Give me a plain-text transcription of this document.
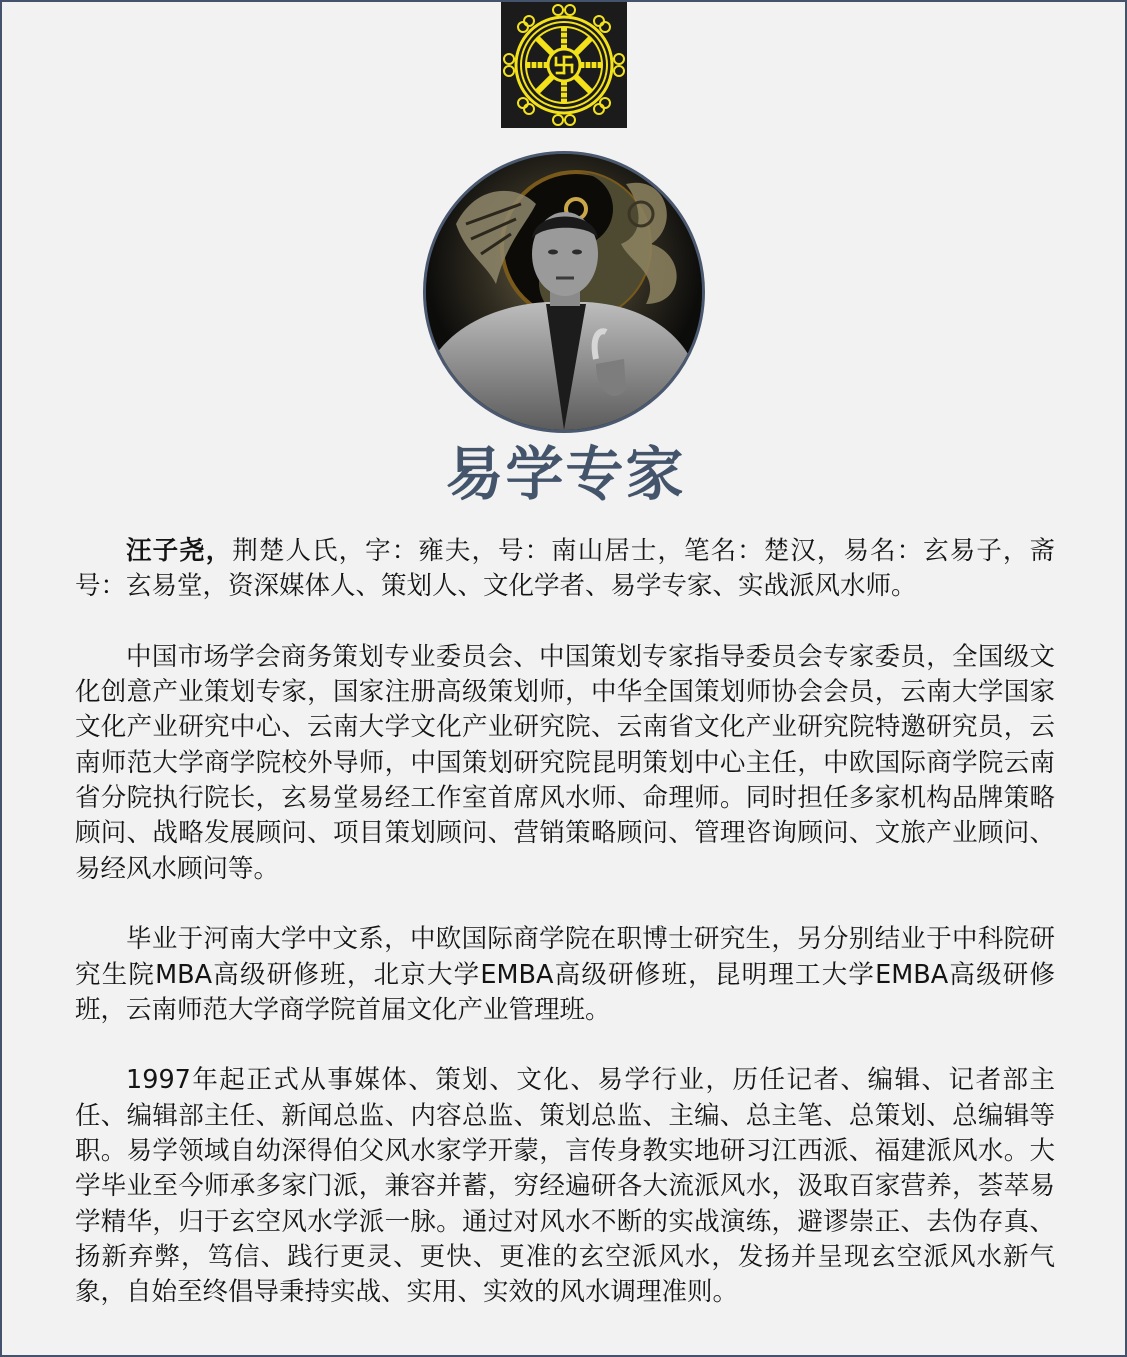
易学专家

汪子尧，荆楚人氏，字：雍夫，号：南山居士，笔名：楚汉，易名：玄易子，斋号：玄易堂，资深媒体人、策划人、文化学者、易学专家、实战派风水师。

中国市场学会商务策划专业委员会、中国策划专家指导委员会专家委员，全国级文化创意产业策划专家，国家注册高级策划师，中华全国策划师协会会员，云南大学国家文化产业研究中心、云南大学文化产业研究院、云南省文化产业研究院特邀研究员，云南师范大学商学院校外导师，中国策划研究院昆明策划中心主任，中欧国际商学院云南省分院执行院长，玄易堂易经工作室首席风水师、命理师。同时担任多家机构品牌策略顾问、战略发展顾问、项目策划顾问、营销策略顾问、管理咨询顾问、文旅产业顾问、易经风水顾问等。

毕业于河南大学中文系，中欧国际商学院在职博士研究生，另分别结业于中科院研究生院MBA高级研修班，北京大学EMBA高级研修班，昆明理工大学EMBA高级研修班，云南师范大学商学院首届文化产业管理班。

1997年起正式从事媒体、策划、文化、易学行业，历任记者、编辑、记者部主任、编辑部主任、新闻总监、内容总监、策划总监、主编、总主笔、总策划、总编辑等职。易学领域自幼深得伯父风水家学开蒙，言传身教实地研习江西派、福建派风水。大学毕业至今师承多家门派，兼容并蓄，穷经遍研各大流派风水，汲取百家营养，荟萃易学精华，归于玄空风水学派一脉。通过对风水不断的实战演练，避谬崇正、去伪存真、扬新弃弊，笃信、践行更灵、更快、更准的玄空派风水，发扬并呈现玄空派风水新气象，自始至终倡导秉持实战、实用、实效的风水调理准则。
